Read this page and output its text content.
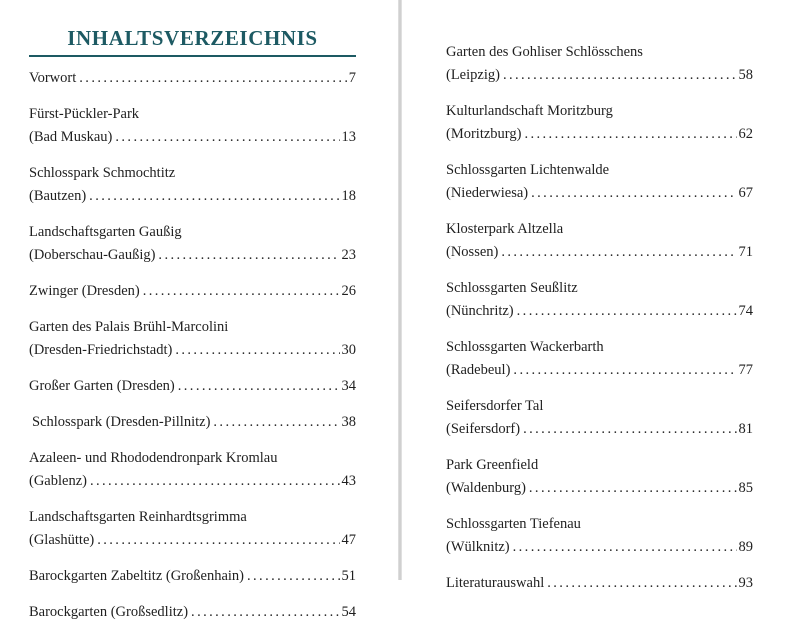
INHALTSVERZEICHNIS
Vorwort .....	7
Fürst-Pückler-Park
(Bad Muskau) .....	13
Schlosspark Schmochtitz
(Bautzen) .....	18
Landschaftsgarten Gaußig
(Doberschau-Gaußig) .....	23
Zwinger (Dresden) .....	26
Garten des Palais Brühl-Marcolini
(Dresden-Friedrichstadt) .....	30
Großer Garten (Dresden) .....	34
Schlosspark (Dresden-Pillnitz) .....	38
Azaleen- und Rhododendronpark Kromlau
(Gablenz) .....	43
Landschaftsgarten Reinhardtsgrimma
(Glashütte) .....	47
Barockgarten Zabeltitz (Großenhain) .....	51
Barockgarten (Großsedlitz) .....	54
Garten des Gohliser Schlösschens
(Leipzig) .....	58
Kulturlandschaft Moritzburg
(Moritzburg) .....	62
Schlossgarten Lichtenwalde
(Niederwiesa) .....	67
Klosterpark Altzella
(Nossen) .....	71
Schlossgarten Seußlitz
(Nünchritz) .....	74
Schlossgarten Wackerbarth
(Radebeul) .....	77
Seifersdorfer Tal
(Seifersdorf) .....	81
Park Greenfield
(Waldenburg) .....	85
Schlossgarten Tiefenau
(Wülknitz) .....	89
Literaturauswahl .....	93
